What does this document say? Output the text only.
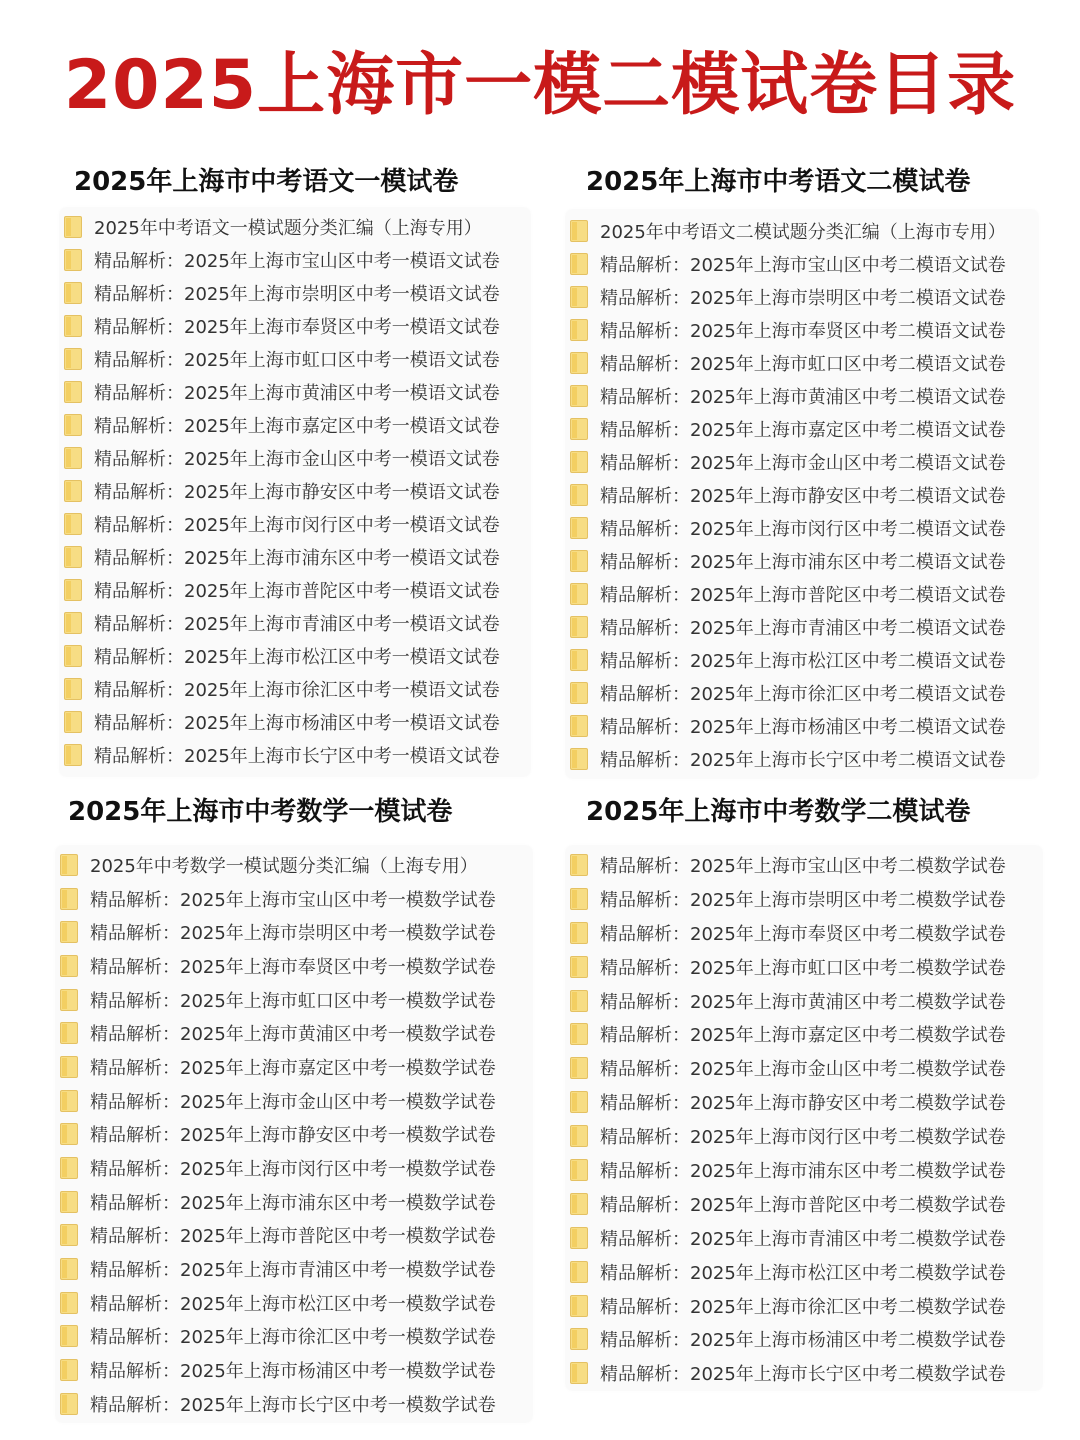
2025上海市一模二模试卷目录
2025年上海市中考语文一模试卷
2025年中考语文一模试题分类汇编（上海专用）
精品解析：2025年上海市宝山区中考一模语文试卷
精品解析：2025年上海市崇明区中考一模语文试卷
精品解析：2025年上海市奉贤区中考一模语文试卷
精品解析：2025年上海市虹口区中考一模语文试卷
精品解析：2025年上海市黄浦区中考一模语文试卷
精品解析：2025年上海市嘉定区中考一模语文试卷
精品解析：2025年上海市金山区中考一模语文试卷
精品解析：2025年上海市静安区中考一模语文试卷
精品解析：2025年上海市闵行区中考一模语文试卷
精品解析：2025年上海市浦东区中考一模语文试卷
精品解析：2025年上海市普陀区中考一模语文试卷
精品解析：2025年上海市青浦区中考一模语文试卷
精品解析：2025年上海市松江区中考一模语文试卷
精品解析：2025年上海市徐汇区中考一模语文试卷
精品解析：2025年上海市杨浦区中考一模语文试卷
精品解析：2025年上海市长宁区中考一模语文试卷
2025年上海市中考语文二模试卷
2025年中考语文二模试题分类汇编（上海市专用）
精品解析：2025年上海市宝山区中考二模语文试卷
精品解析：2025年上海市崇明区中考二模语文试卷
精品解析：2025年上海市奉贤区中考二模语文试卷
精品解析：2025年上海市虹口区中考二模语文试卷
精品解析：2025年上海市黄浦区中考二模语文试卷
精品解析：2025年上海市嘉定区中考二模语文试卷
精品解析：2025年上海市金山区中考二模语文试卷
精品解析：2025年上海市静安区中考二模语文试卷
精品解析：2025年上海市闵行区中考二模语文试卷
精品解析：2025年上海市浦东区中考二模语文试卷
精品解析：2025年上海市普陀区中考二模语文试卷
精品解析：2025年上海市青浦区中考二模语文试卷
精品解析：2025年上海市松江区中考二模语文试卷
精品解析：2025年上海市徐汇区中考二模语文试卷
精品解析：2025年上海市杨浦区中考二模语文试卷
精品解析：2025年上海市长宁区中考二模语文试卷
2025年上海市中考数学一模试卷
2025年中考数学一模试题分类汇编（上海专用）
精品解析：2025年上海市宝山区中考一模数学试卷
精品解析：2025年上海市崇明区中考一模数学试卷
精品解析：2025年上海市奉贤区中考一模数学试卷
精品解析：2025年上海市虹口区中考一模数学试卷
精品解析：2025年上海市黄浦区中考一模数学试卷
精品解析：2025年上海市嘉定区中考一模数学试卷
精品解析：2025年上海市金山区中考一模数学试卷
精品解析：2025年上海市静安区中考一模数学试卷
精品解析：2025年上海市闵行区中考一模数学试卷
精品解析：2025年上海市浦东区中考一模数学试卷
精品解析：2025年上海市普陀区中考一模数学试卷
精品解析：2025年上海市青浦区中考一模数学试卷
精品解析：2025年上海市松江区中考一模数学试卷
精品解析：2025年上海市徐汇区中考一模数学试卷
精品解析：2025年上海市杨浦区中考一模数学试卷
精品解析：2025年上海市长宁区中考一模数学试卷
2025年上海市中考数学二模试卷
精品解析：2025年上海市宝山区中考二模数学试卷
精品解析：2025年上海市崇明区中考二模数学试卷
精品解析：2025年上海市奉贤区中考二模数学试卷
精品解析：2025年上海市虹口区中考二模数学试卷
精品解析：2025年上海市黄浦区中考二模数学试卷
精品解析：2025年上海市嘉定区中考二模数学试卷
精品解析：2025年上海市金山区中考二模数学试卷
精品解析：2025年上海市静安区中考二模数学试卷
精品解析：2025年上海市闵行区中考二模数学试卷
精品解析：2025年上海市浦东区中考二模数学试卷
精品解析：2025年上海市普陀区中考二模数学试卷
精品解析：2025年上海市青浦区中考二模数学试卷
精品解析：2025年上海市松江区中考二模数学试卷
精品解析：2025年上海市徐汇区中考二模数学试卷
精品解析：2025年上海市杨浦区中考二模数学试卷
精品解析：2025年上海市长宁区中考二模数学试卷
